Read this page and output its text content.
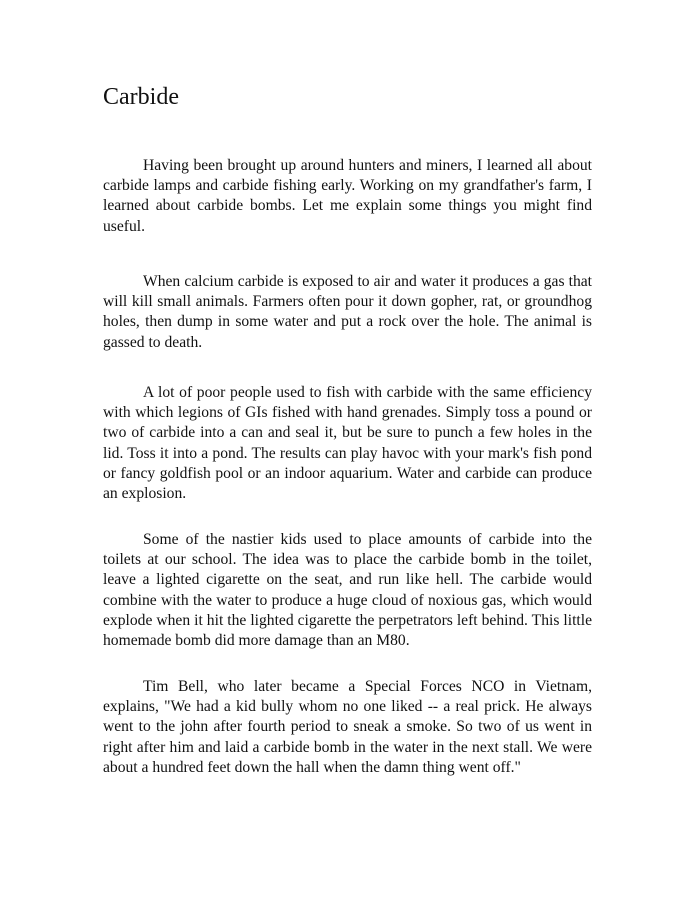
Carbide

Having been brought up around hunters and miners, I learned all about carbide lamps and carbide fishing early. Working on my grandfather's farm, I learned about carbide bombs. Let me explain some things you might find useful.

When calcium carbide is exposed to air and water it produces a gas that will kill small animals. Farmers often pour it down gopher, rat, or groundhog holes, then dump in some water and put a rock over the hole. The animal is gassed to death.

A lot of poor people used to fish with carbide with the same efficiency with which legions of GIs fished with hand grenades. Simply toss a pound or two of carbide into a can and seal it, but be sure to punch a few holes in the lid. Toss it into a pond. The results can play havoc with your mark's fish pond or fancy goldfish pool or an indoor aquarium. Water and carbide can produce an explosion.

Some of the nastier kids used to place amounts of carbide into the toilets at our school. The idea was to place the carbide bomb in the toilet, leave a lighted cigarette on the seat, and run like hell. The carbide would combine with the water to produce a huge cloud of noxious gas, which would explode when it hit the lighted cigarette the perpetrators left behind. This little homemade bomb did more damage than an M80.

Tim Bell, who later became a Special Forces NCO in Vietnam, explains, "We had a kid bully whom no one liked -- a real prick. He always went to the john after fourth period to sneak a smoke. So two of us went in right after him and laid a carbide bomb in the water in the next stall. We were about a hundred feet down the hall when the damn thing went off."
